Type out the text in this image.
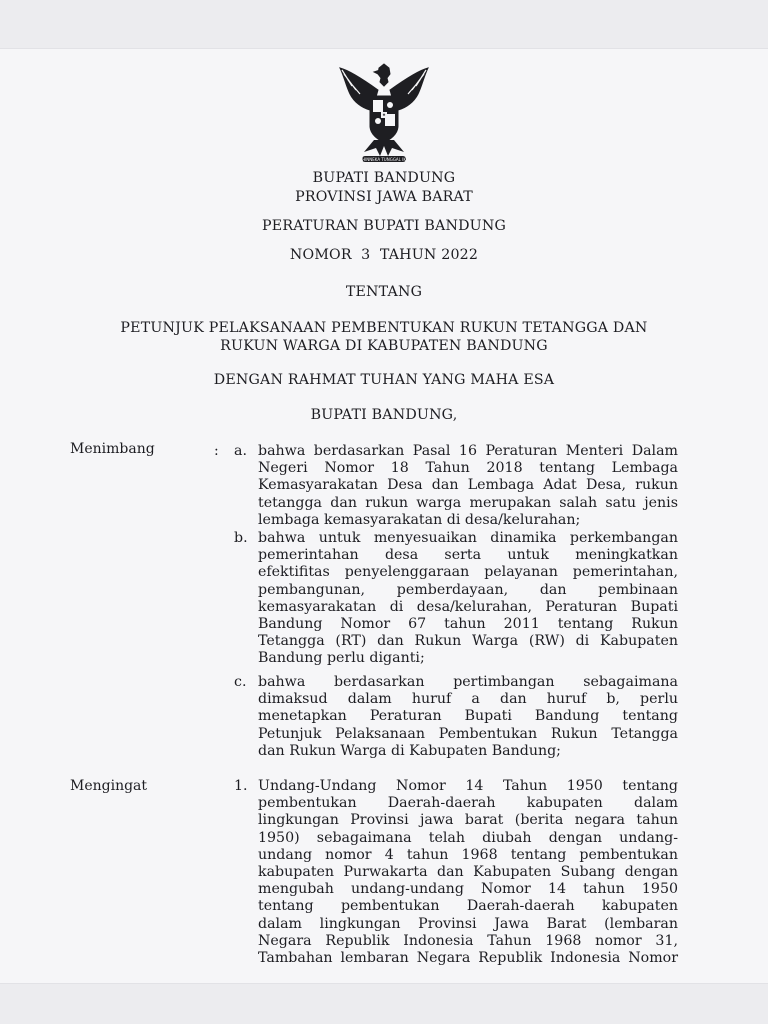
BHINNEKA TUNGGAL IKA
BUPATI BANDUNG
PROVINSI JAWA BARAT
PERATURAN BUPATI BANDUNG
NOMOR  3  TAHUN 2022
TENTANG
PETUNJUK PELAKSANAAN PEMBENTUKAN RUKUN TETANGGA DAN
RUKUN WARGA DI KABUPATEN BANDUNG
DENGAN RAHMAT TUHAN YANG MAHA ESA
BUPATI BANDUNG,
Menimbang	: a. bahwa berdasarkan Pasal 16 Peraturan Menteri Dalam
Negeri Nomor 18 Tahun 2018 tentang Lembaga
Kemasyarakatan Desa dan Lembaga Adat Desa, rukun
tetangga dan rukun warga merupakan salah satu jenis
lembaga kemasyarakatan di desa/kelurahan;
b. bahwa untuk menyesuaikan dinamika perkembangan
pemerintahan desa serta untuk meningkatkan
efektifitas penyelenggaraan pelayanan pemerintahan,
pembangunan, pemberdayaan, dan pembinaan
kemasyarakatan di desa/kelurahan, Peraturan Bupati
Bandung Nomor 67 tahun 2011 tentang Rukun
Tetangga (RT) dan Rukun Warga (RW) di Kabupaten
Bandung perlu diganti;
c. bahwa berdasarkan pertimbangan sebagaimana
dimaksud dalam huruf a dan huruf b, perlu
menetapkan Peraturan Bupati Bandung tentang
Petunjuk Pelaksanaan Pembentukan Rukun Tetangga
dan Rukun Warga di Kabupaten Bandung;
Mengingat	1. Undang-Undang Nomor 14 Tahun 1950 tentang
pembentukan Daerah-daerah kabupaten dalam
lingkungan Provinsi jawa barat (berita negara tahun
1950) sebagaimana telah diubah dengan undang-
undang nomor 4 tahun 1968 tentang pembentukan
kabupaten Purwakarta dan Kabupaten Subang dengan
mengubah undang-undang Nomor 14 tahun 1950
tentang pembentukan Daerah-daerah kabupaten
dalam lingkungan Provinsi Jawa Barat (lembaran
Negara Republik Indonesia Tahun 1968 nomor 31,
Tambahan lembaran Negara Republik Indonesia Nomor
